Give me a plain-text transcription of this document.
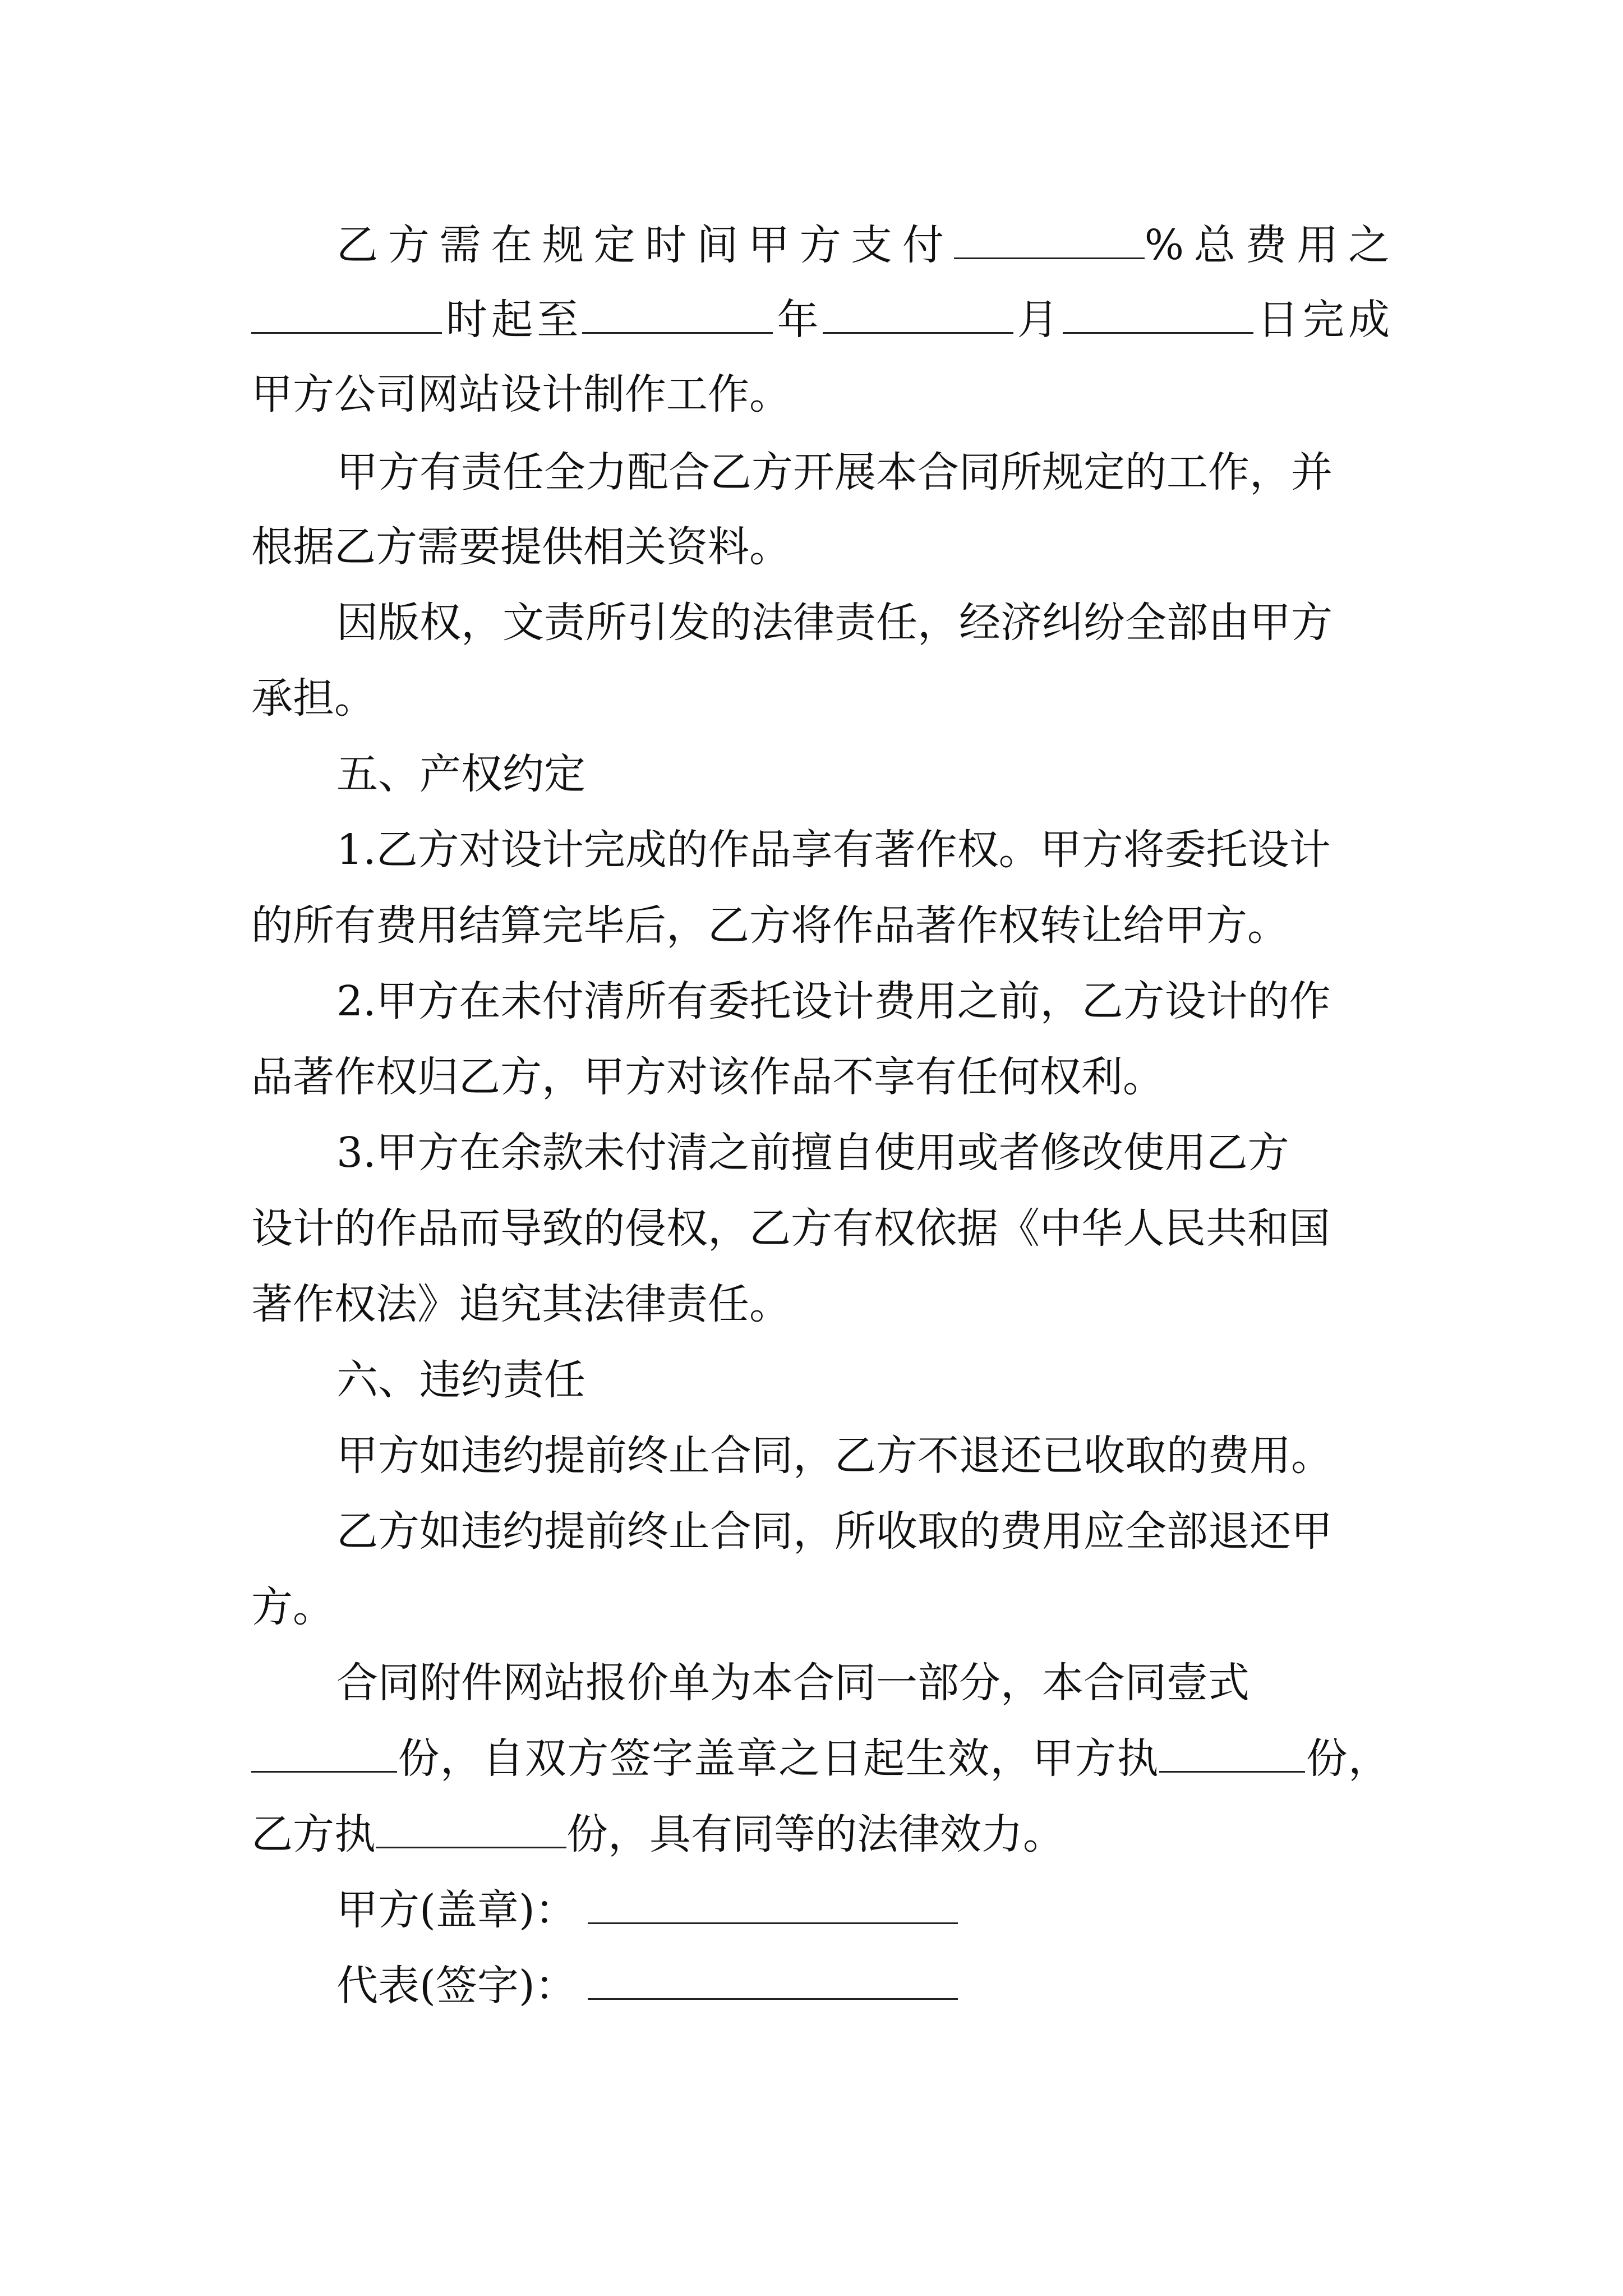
乙方需在规定时间甲方支付	%总费用之
时起至	年	月	日完成
甲方公司网站设计制作工作。
甲方有责任全力配合乙方开展本合同所规定的工作，并
根据乙方需要提供相关资料。
因版权，文责所引发的法律责任，经济纠纷全部由甲方
承担。
五、产权约定
1.乙方对设计完成的作品享有著作权。甲方将委托设计
的所有费用结算完毕后，乙方将作品著作权转让给甲方。
2.甲方在未付清所有委托设计费用之前，乙方设计的作
品著作权归乙方，甲方对该作品不享有任何权利。
3.甲方在余款未付清之前擅自使用或者修改使用乙方
设计的作品而导致的侵权，乙方有权依据《中华人民共和国
著作权法》追究其法律责任。
六、违约责任
甲方如违约提前终止合同，乙方不退还已收取的费用。
乙方如违约提前终止合同，所收取的费用应全部退还甲
方。
合同附件网站报价单为本合同一部分，本合同壹式
份，自双方签字盖章之日起生效，甲方执	份，
乙方执	份，具有同等的法律效力。
甲方(盖章)：
代表(签字)：
